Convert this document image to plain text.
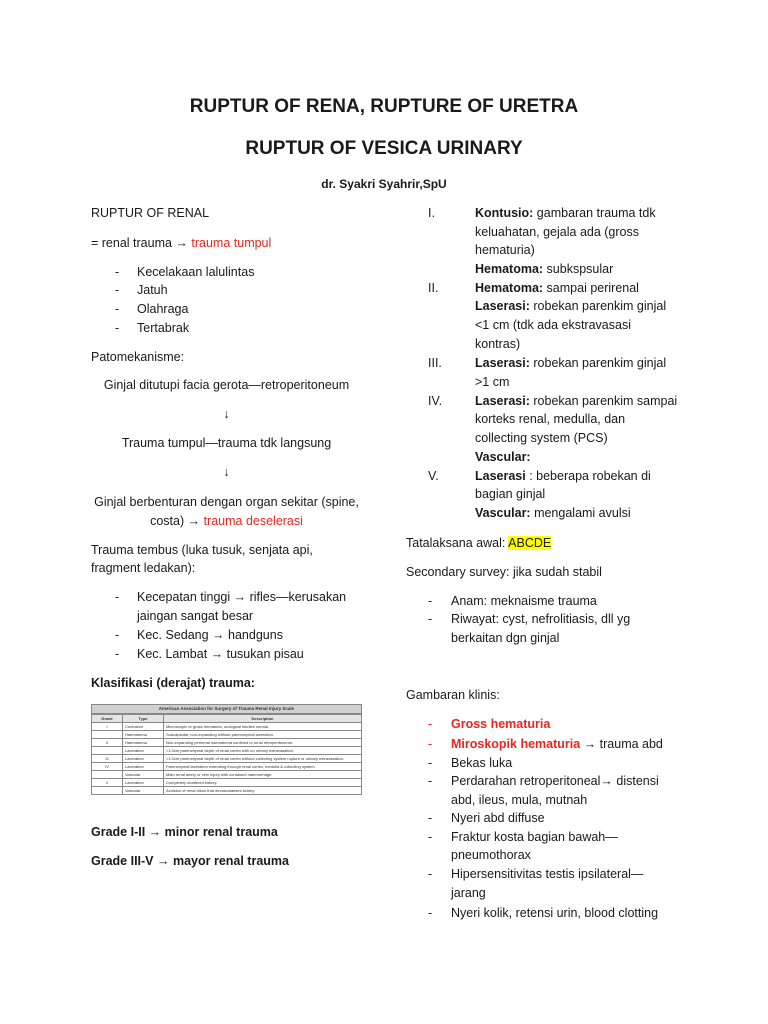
RUPTUR OF RENA, RUPTURE OF URETRA
RUPTUR OF VESICA URINARY
dr. Syakri Syahrir,SpU
RUPTUR OF RENAL
= renal trauma → trauma tumpul
- Kecelakaan lalulintas
- Jatuh
- Olahraga
- Tertabrak
Patomekanisme:
Ginjal ditutupi facia gerota—retroperitoneum
↓
Trauma tumpul—trauma tdk langsung
↓
Ginjal berbenturan dengan organ sekitar (spine,
costa) → trauma deselerasi
Trauma tembus (luka tusuk, senjata api,
fragment ledakan):
- Kecepatan tinggi → rifles—kerusakan
jaingan sangat besar
- Kec. Sedang → handguns
- Kec. Lambat → tusukan pisau
Klasifikasi (derajat) trauma:
American Association for Surgery of Trauma Renal Injury Scale
Grade	Type	Description
I	Contusion	Microscopic or gross hematuria, urological studies normal.
	Haematoma	Subcapsular, non-expanding without parenchymal laceration.
II	Haematoma	Non-expanding perirenal haematoma confined to renal retroperitoneum.
	Laceration	<1.0cm parenchymal depth of renal cortex with no urinary extravasation.
III	Laceration	>1.0cm parenchymal depth of renal cortex without collecting system rupture or urinary extravasation.
IV	Laceration	Parenchymal laceration extending through renal cortex, medulla & collecting system.
	Vascular	Main renal artery or vein injury with contained haemorrhage.
V	Laceration	Completely shattered kidney.
	Vascular	Avulsion of renal hilum that devascularises kidney.
Grade I-II → minor renal trauma
Grade III-V → mayor renal trauma
I.	Kontusio: gambaran trauma tdk
keluahatan, gejala ada (gross
hematuria)
Hematoma: subkspsular
II.	Hematoma: sampai perirenal
Laserasi: robekan parenkim ginjal
<1 cm (tdk ada ekstravasasi
kontras)
III.	Laserasi: robekan parenkim ginjal
>1 cm
IV.	Laserasi: robekan parenkim sampai
korteks renal, medulla, dan
collecting system (PCS)
Vascular:
V.	Laserasi : beberapa robekan di
bagian ginjal
Vascular: mengalami avulsi
Tatalaksana awal: ABCDE
Secondary survey: jika sudah stabil
- Anam: meknaisme trauma
- Riwayat: cyst, nefrolitiasis, dll yg
berkaitan dgn ginjal
Gambaran klinis:
- Gross hematuria
- Miroskopik hematuria → trauma abd
- Bekas luka
- Perdarahan retroperitoneal→ distensi
abd, ileus, mula, mutnah
- Nyeri abd diffuse
- Fraktur kosta bagian bawah—
pneumothorax
- Hipersensitivitas testis ipsilateral—
jarang
- Nyeri kolik, retensi urin, blood clotting
